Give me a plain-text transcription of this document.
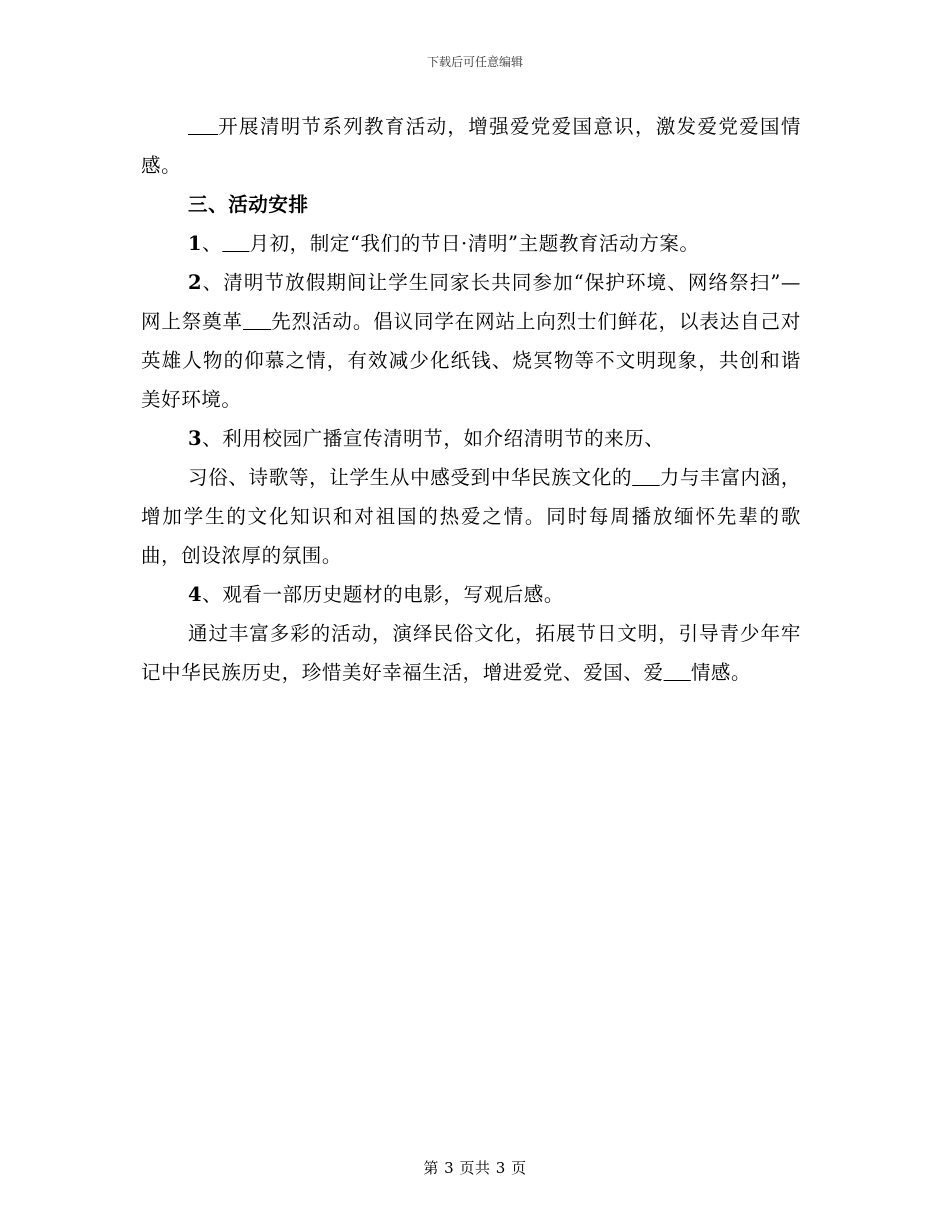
下载后可任意编辑

开展清明节系列教育活动，增强爱党爱国意识，激发爱党爱国情感。

三、活动安排

1、 月初，制定“我们的节日·清明”主题教育活动方案。

2、清明节放假期间让学生同家长共同参加“保护环境、网络祭扫”—网上祭奠革 先烈活动。倡议同学在网站上向烈士们鲜花，以表达自己对英雄人物的仰慕之情，有效减少化纸钱、烧冥物等不文明现象，共创和谐美好环境。

3、利用校园广播宣传清明节，如介绍清明节的来历、

习俗、诗歌等，让学生从中感受到中华民族文化的 力与丰富内涵，增加学生的文化知识和对祖国的热爱之情。同时每周播放缅怀先辈的歌曲，创设浓厚的氛围。

4、观看一部历史题材的电影，写观后感。

通过丰富多彩的活动，演绎民俗文化，拓展节日文明，引导青少年牢记中华民族历史，珍惜美好幸福生活，增进爱党、爱国、爱 情感。

第 3 页共 3 页
